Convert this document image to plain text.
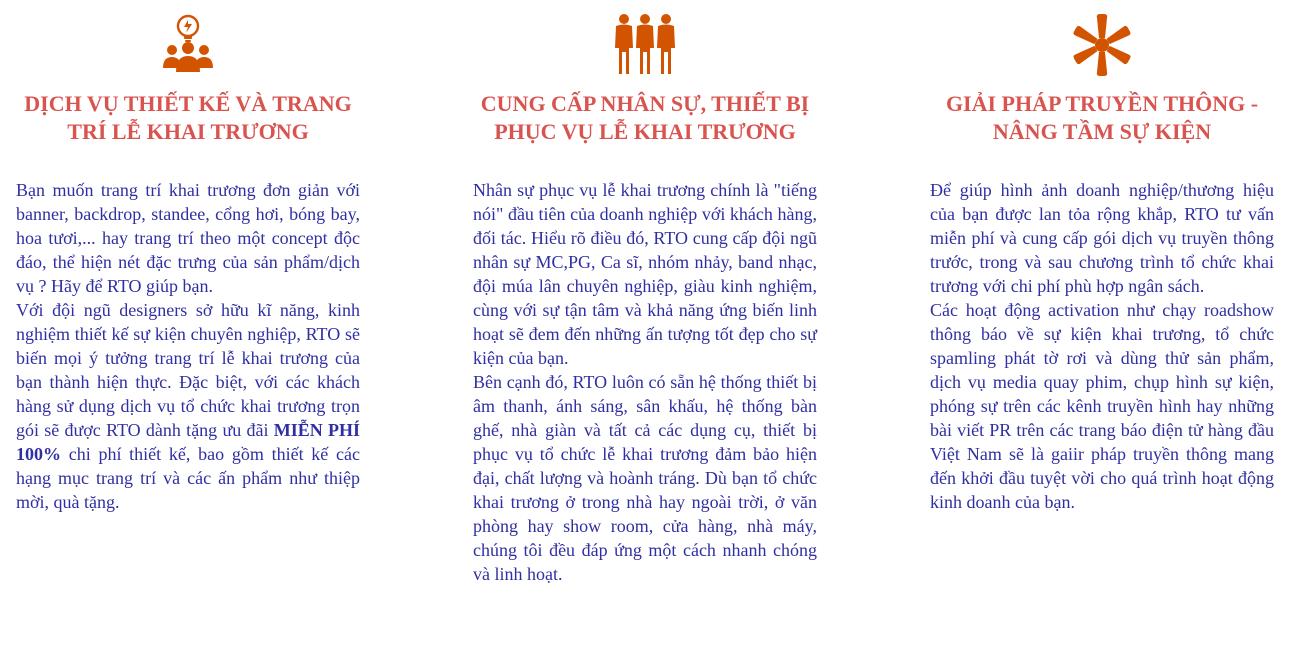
DỊCH VỤ THIẾT KẾ VÀ TRANG
TRÍ LỄ KHAI TRƯƠNG

Bạn muốn trang trí khai trương đơn giản với banner, backdrop, standee, cổng hơi, bóng bay, hoa tươi,... hay trang trí theo một concept độc đáo, thể hiện nét đặc trưng của sản phẩm/dịch vụ ? Hãy để RTO giúp bạn.

Với đội ngũ designers sở hữu kĩ năng, kinh nghiệm thiết kế sự kiện chuyên nghiệp, RTO sẽ biến mọi ý tưởng trang trí lễ khai trương của bạn thành hiện thực. Đặc biệt, với các khách hàng sử dụng dịch vụ tổ chức khai trương trọn gói sẽ được RTO dành tặng ưu đãi MIỄN PHÍ 100% chi phí thiết kế, bao gồm thiết kế các hạng mục trang trí và các ấn phẩm như thiệp mời, quà tặng.

CUNG CẤP NHÂN SỰ, THIẾT BỊ
PHỤC VỤ LỄ KHAI TRƯƠNG

Nhân sự phục vụ lễ khai trương chính là "tiếng nói" đầu tiên của doanh nghiệp với khách hàng, đối tác. Hiểu rõ điều đó, RTO cung cấp đội ngũ nhân sự MC,PG, Ca sĩ, nhóm nhảy, band nhạc, đội múa lân chuyên nghiệp, giàu kinh nghiệm, cùng với sự tận tâm và khả năng ứng biến linh hoạt sẽ đem đến những ấn tượng tốt đẹp cho sự kiện của bạn.

Bên cạnh đó, RTO luôn có sẵn hệ thống thiết bị âm thanh, ánh sáng, sân khấu, hệ thống bàn ghế, nhà giàn và tất cả các dụng cụ, thiết bị phục vụ tổ chức lễ khai trương đảm bảo hiện đại, chất lượng và hoành tráng. Dù bạn tổ chức khai trương ở trong nhà hay ngoài trời, ở văn phòng hay show room, cửa hàng, nhà máy, chúng tôi đều đáp ứng một cách nhanh chóng và linh hoạt.

GIẢI PHÁP TRUYỀN THÔNG -
NÂNG TẦM SỰ KIỆN

Để giúp hình ảnh doanh nghiệp/thương hiệu của bạn được lan tỏa rộng khắp, RTO tư vấn miễn phí và cung cấp gói dịch vụ truyền thông trước, trong và sau chương trình tổ chức khai trương với chi phí phù hợp ngân sách.

Các hoạt động activation như chạy roadshow thông báo về sự kiện khai trương, tổ chức spamling phát tờ rơi và dùng thử sản phẩm, dịch vụ media quay phim, chụp hình sự kiện, phóng sự trên các kênh truyền hình hay những bài viết PR trên các trang báo điện tử hàng đầu Việt Nam sẽ là gaiir pháp truyền thông mang đến khởi đầu tuyệt vời cho quá trình hoạt động kinh doanh của bạn.
